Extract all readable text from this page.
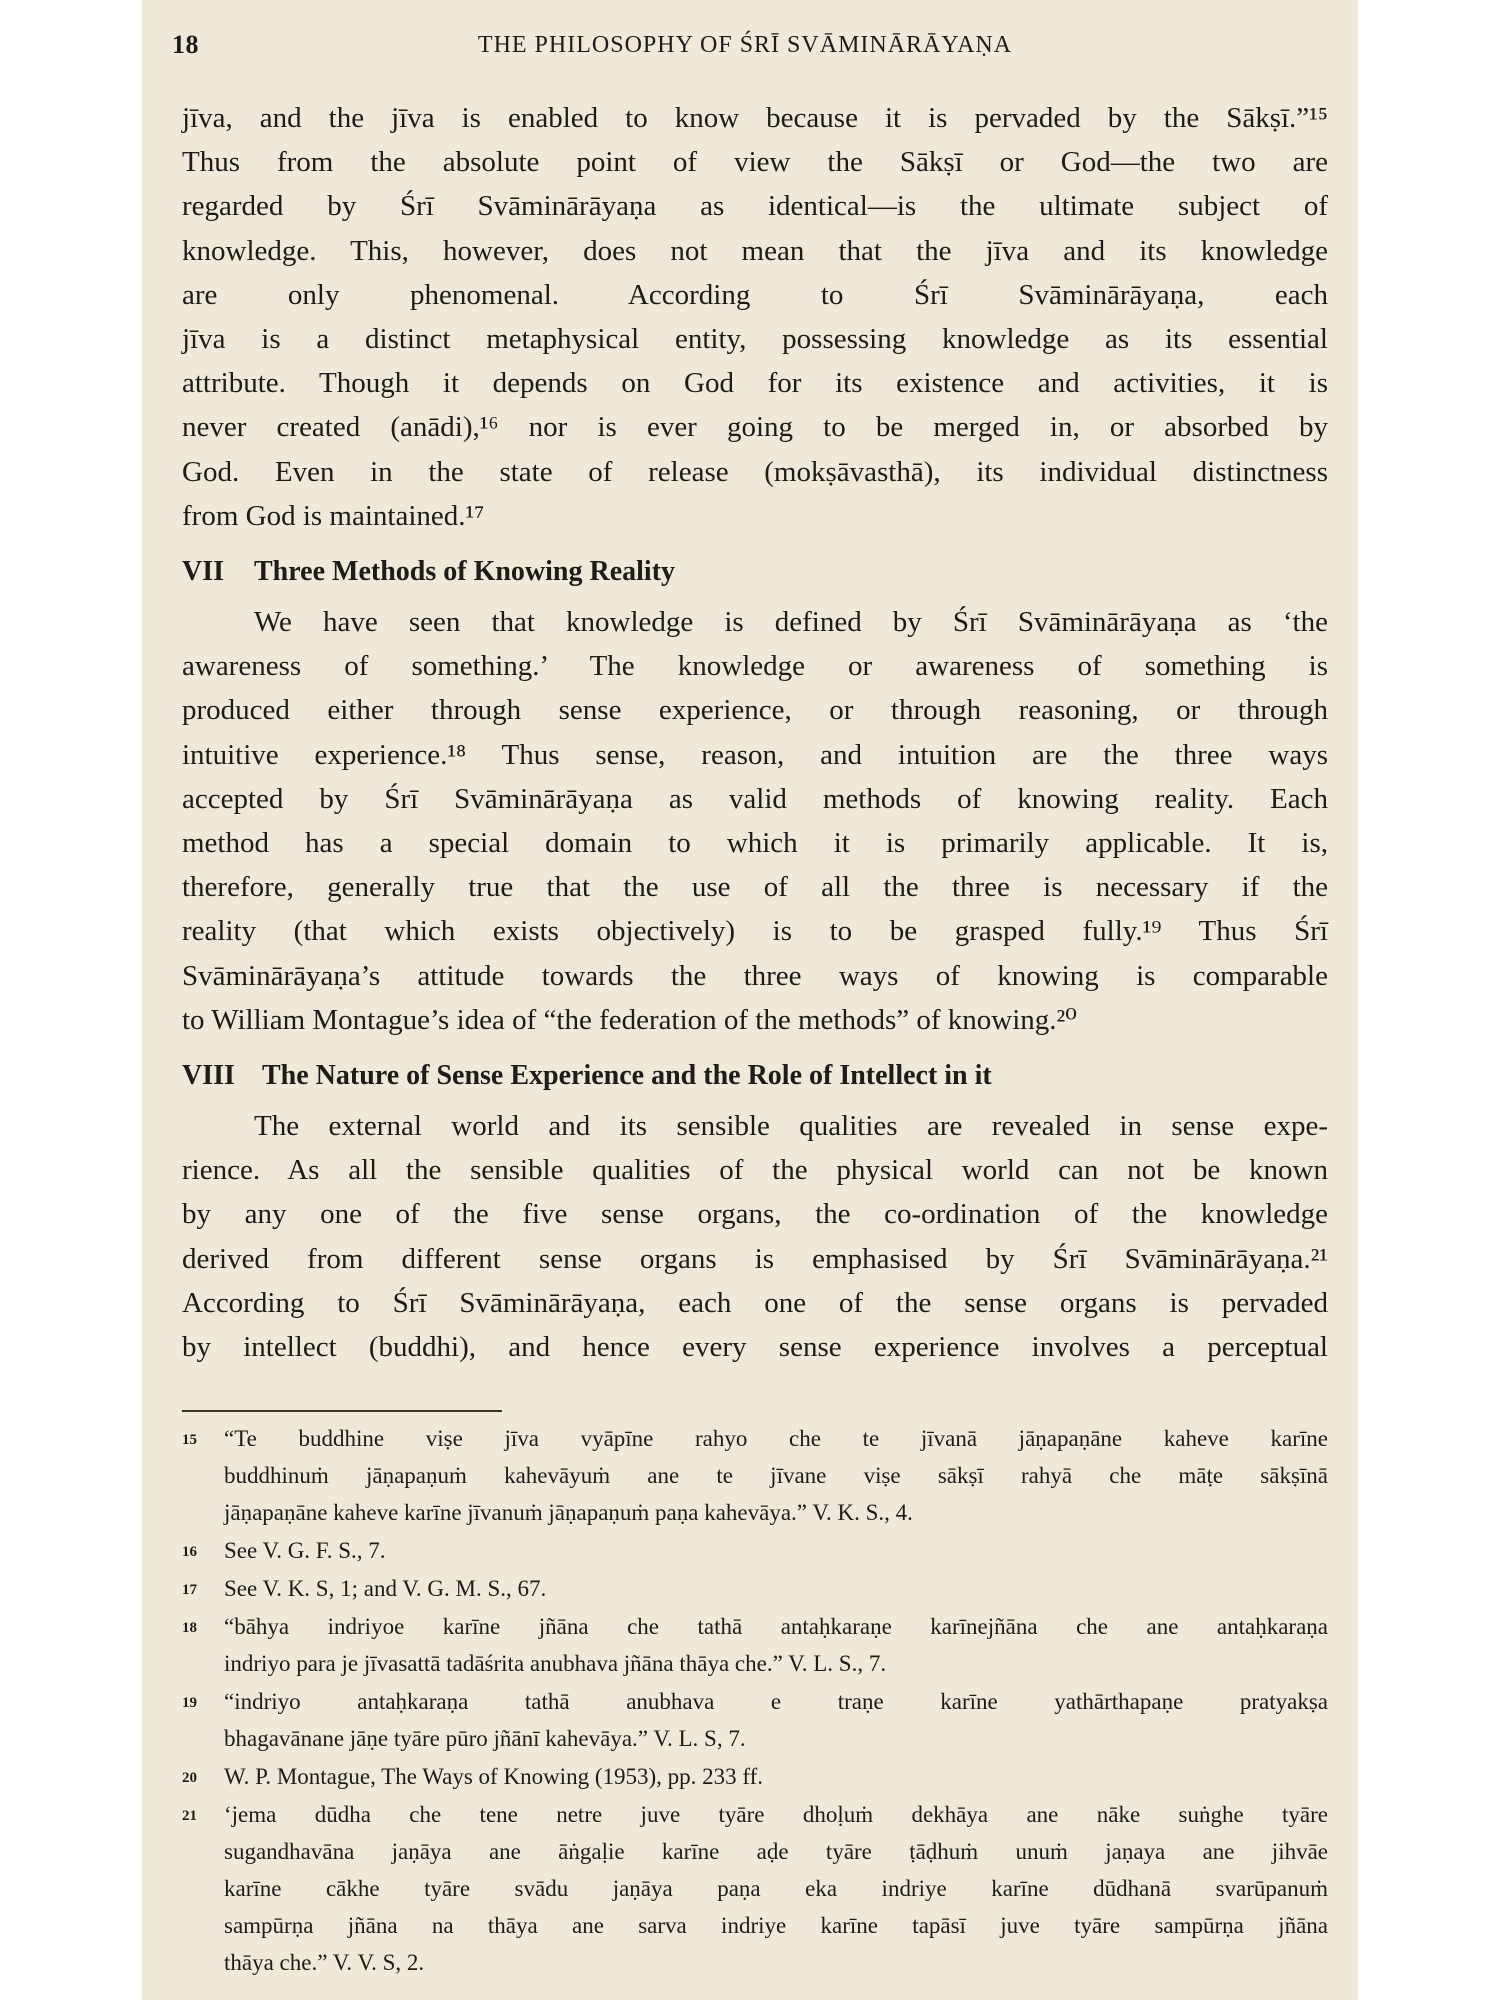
18	THE PHILOSOPHY OF ŚRĪ SVĀMINĀRĀYAṆA

jīva, and the jīva is enabled to know because it is pervaded by the Sākṣī.”¹⁵
Thus from the absolute point of view the Sākṣī or God—the two are
regarded by Śrī Svāminārāyaṇa as identical—is the ultimate subject of
knowledge. This, however, does not mean that the jīva and its knowledge
are only phenomenal. According to Śrī Svāminārāyaṇa, each
jīva is a distinct metaphysical entity, possessing knowledge as its essential
attribute. Though it depends on God for its existence and activities, it is
never created (anādi),¹⁶ nor is ever going to be merged in, or absorbed by
God. Even in the state of release (mokṣāvasthā), its individual distinctness
from God is maintained.¹⁷

VII Three Methods of Knowing Reality

We have seen that knowledge is defined by Śrī Svāminārāyaṇa as ‘the
awareness of something.’ The knowledge or awareness of something is
produced either through sense experience, or through reasoning, or through
intuitive experience.¹⁸ Thus sense, reason, and intuition are the three ways
accepted by Śrī Svāminārāyaṇa as valid methods of knowing reality. Each
method has a special domain to which it is primarily applicable. It is,
therefore, generally true that the use of all the three is necessary if the
reality (that which exists objectively) is to be grasped fully.¹⁹ Thus Śrī
Svāminārāyaṇa’s attitude towards the three ways of knowing is comparable
to William Montague’s idea of “the federation of the methods” of knowing.²⁰

VIII The Nature of Sense Experience and the Role of Intellect in it

The external world and its sensible qualities are revealed in sense expe-
rience. As all the sensible qualities of the physical world can not be known
by any one of the five sense organs, the co-ordination of the knowledge
derived from different sense organs is emphasised by Śrī Svāminārāyaṇa.²¹
According to Śrī Svāminārāyaṇa, each one of the sense organs is pervaded
by intellect (buddhi), and hence every sense experience involves a perceptual

15 “Te buddhine viṣe jīva vyāpīne rahyo che te jīvanā jāṇapaṇāne kaheve karīne
buddhinuṁ jāṇapaṇuṁ kahevāyuṁ ane te jīvane viṣe sākṣī rahyā che māṭe sākṣīnā
jāṇapaṇāne kaheve karīne jīvanuṁ jāṇapaṇuṁ paṇa kahevāya.” V. K. S., 4.
16 See V. G. F. S., 7.
17 See V. K. S, 1; and V. G. M. S., 67.
18 “bāhya indriyoe karīne jñāna che tathā antaḥkaraṇe karīnejñāna che ane antaḥkaraṇa
indriyo para je jīvasattā tadāśrita anubhava jñāna thāya che.” V. L. S., 7.
19 “indriyo antaḥkaraṇa tathā anubhava e traṇe karīne yathārthapaṇe pratyakṣa
bhagavānane jāṇe tyāre pūro jñānī kahevāya.” V. L. S, 7.
20 W. P. Montague, The Ways of Knowing (1953), pp. 233 ff.
21 ‘jema dūdha che tene netre juve tyāre dhoḷuṁ dekhāya ane nāke suṅghe tyāre
sugandhavāna jaṇāya ane āṅgaḷie karīne aḍe tyāre ṭāḍhuṁ unuṁ jaṇaya ane jihvāe
karīne cākhe tyāre svādu jaṇāya paṇa eka indriye karīne dūdhanā svarūpanuṁ
sampūrṇa jñāna na thāya ane sarva indriye karīne tapāsī juve tyāre sampūrṇa jñāna
thāya che.” V. V. S, 2.
